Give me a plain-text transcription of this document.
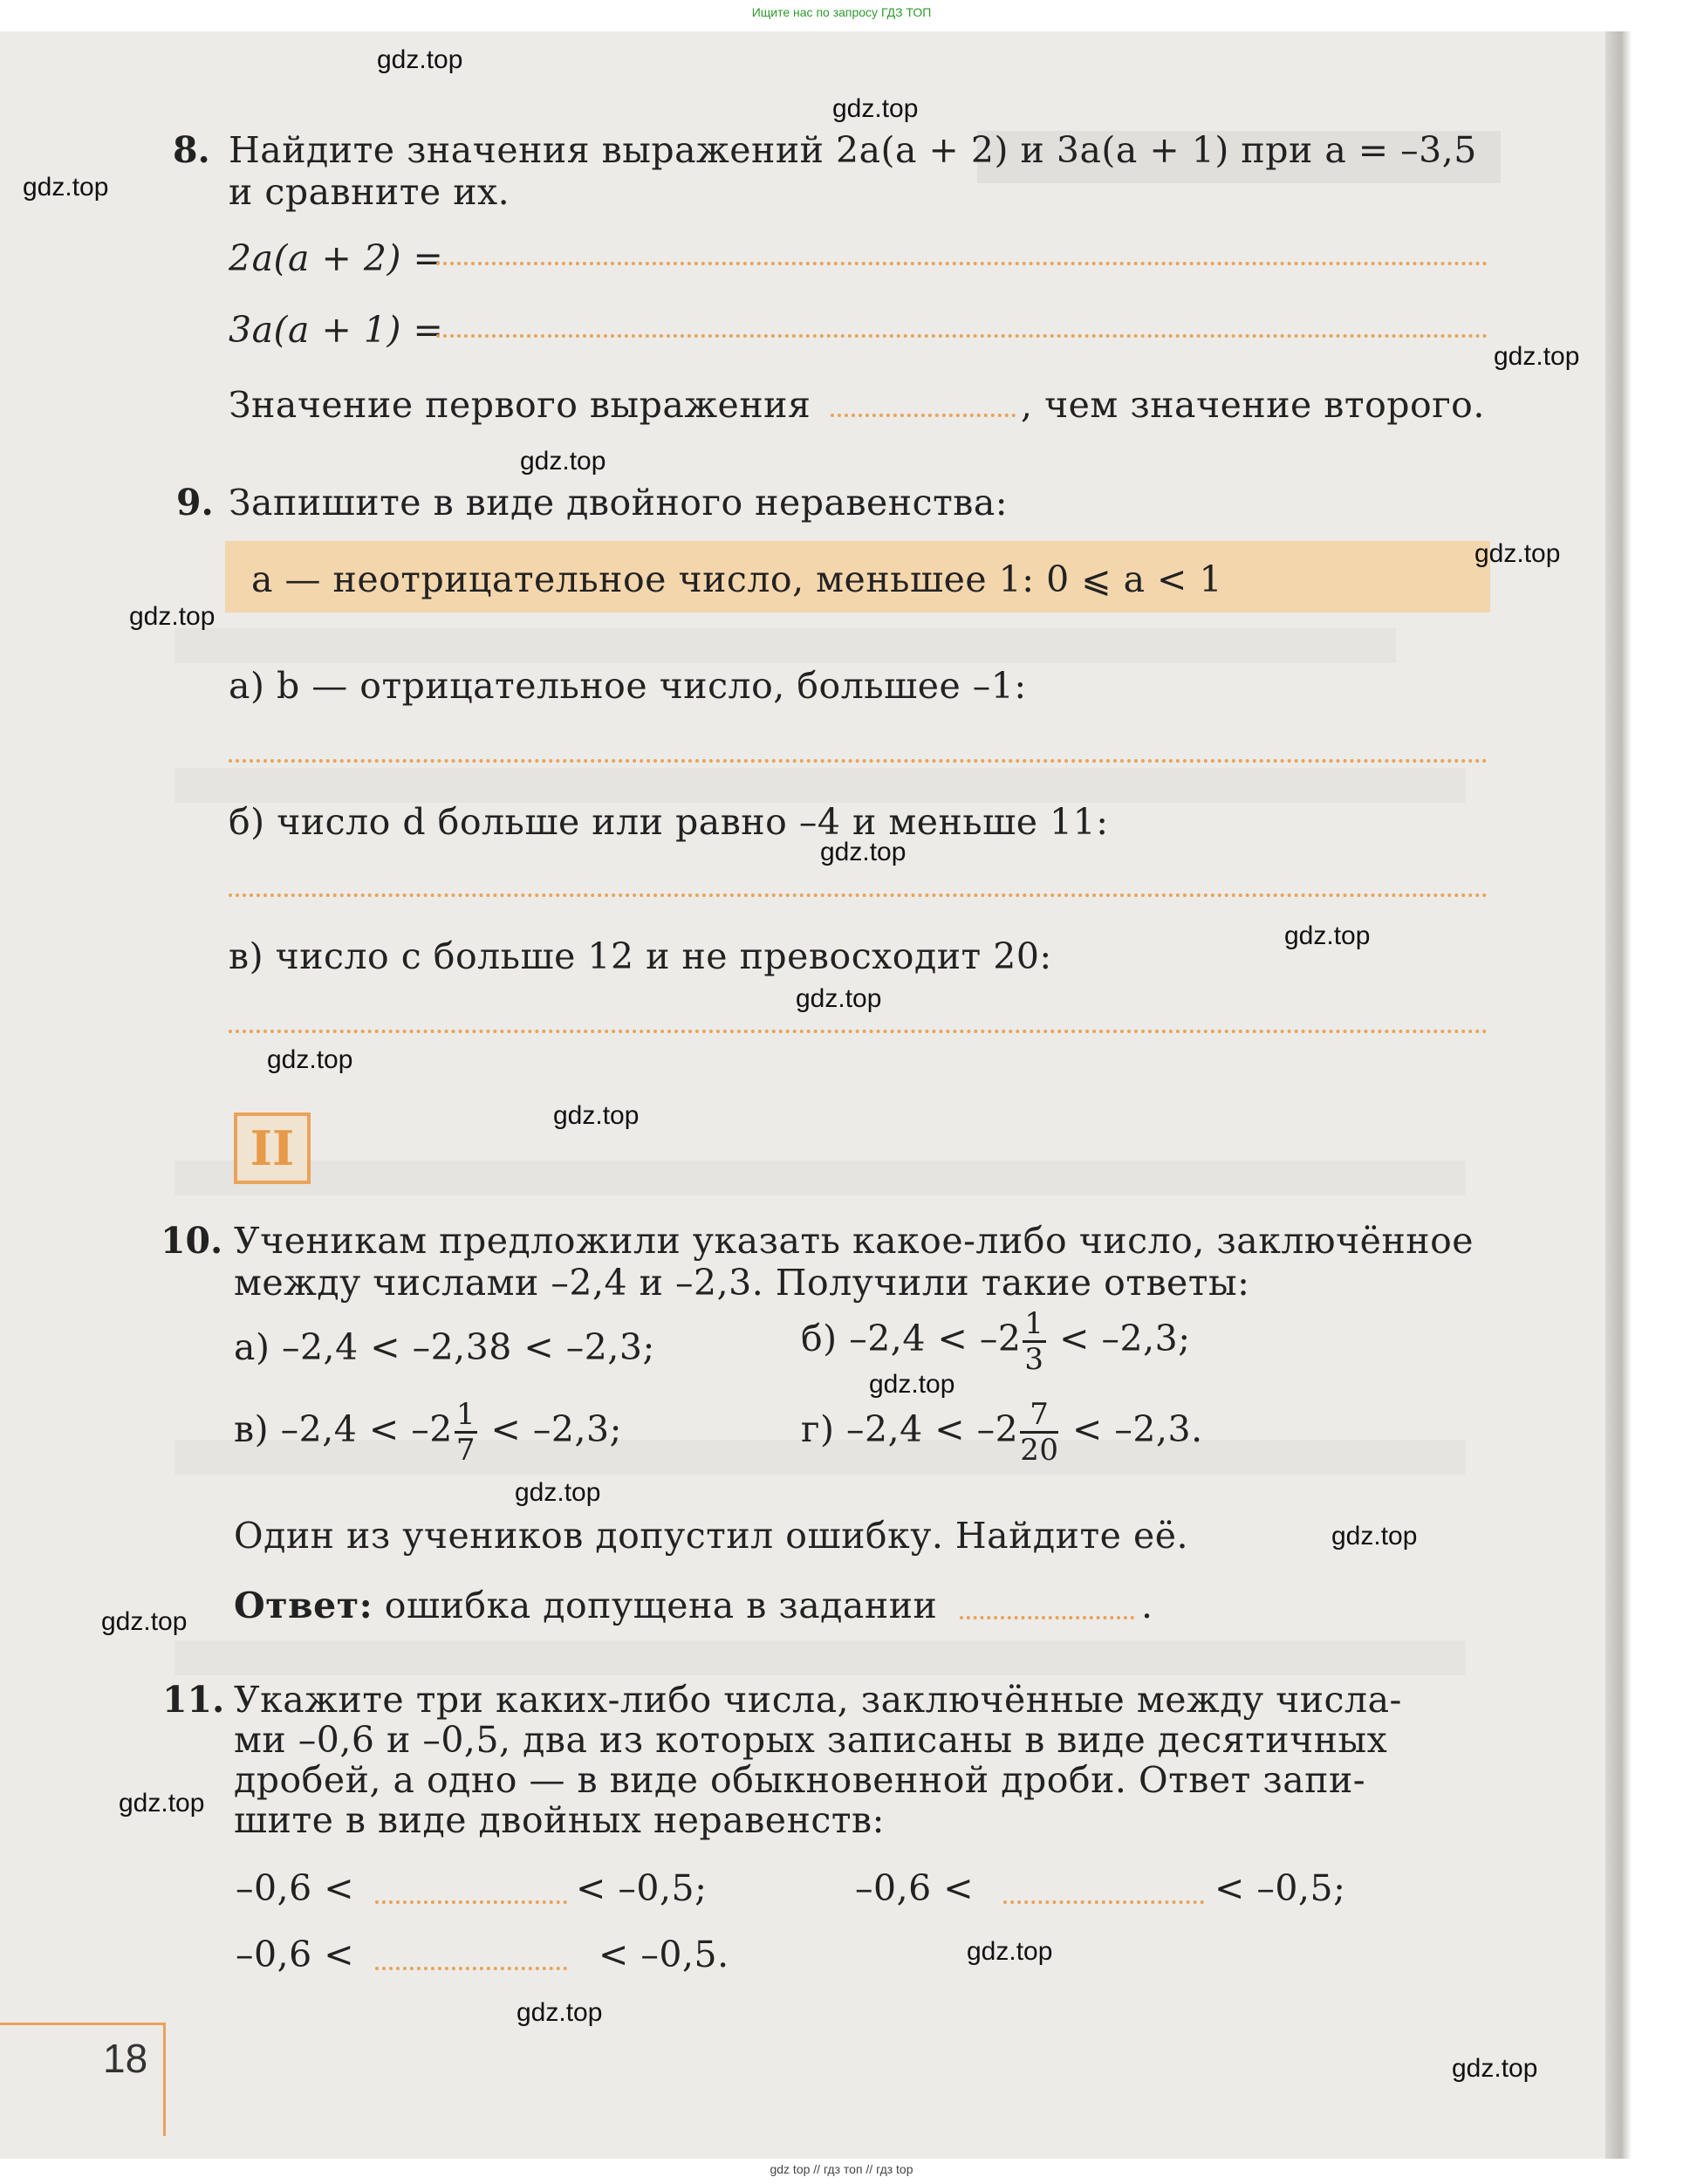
Ищите нас по запросу ГДЗ ТОП
8. Найдите значения выражений 2a(a + 2) и 3a(a + 1) при a = –3,5
и сравните их.
2a(a + 2) =
3a(a + 1) =
Значение первого выражения	, чем значение второго.
9. Запишите в виде двойного неравенства:
a — неотрицательное число, меньшее 1: 0 ⩽ a < 1
а) b — отрицательное число, большее –1:
б) число d больше или равно –4 и меньше 11:
в) число c больше 12 и не превосходит 20:
II
10. Ученикам предложили указать какое-либо число, заключённое
между числами –2,4 и –2,3. Получили такие ответы:
а) –2,4 < –2,38 < –2,3;	б) $-2,4 < -2 \frac{1}{3} < -2,3$;
в) $-2,4 < -2 \frac{1}{7} < -2,3$;	г) $-2,4 < -2 \frac{7}{20} < -2,3$.
Один из учеников допустил ошибку. Найдите её.
Ответ: ошибка допущена в задании	.
11. Укажите три каких-либо числа, заключённые между числа-
ми –0,6 и –0,5, два из которых записаны в виде десятичных
дробей, а одно — в виде обыкновенной дроби. Ответ запи-
шите в виде двойных неравенств:
–0,6 <	< –0,5;	–0,6 <	< –0,5;
–0,6 <	< –0,5.
18
gdz.top
gdz.top
gdz.top
gdz.top
gdz.top
gdz.top
gdz.top
gdz.top
gdz.top
gdz.top
gdz.top
gdz.top
gdz.top
gdz.top
gdz.top
gdz.top
gdz.top
gdz.top
gdz.top
gdz.top
gdz top // гдз топ // гдз top
